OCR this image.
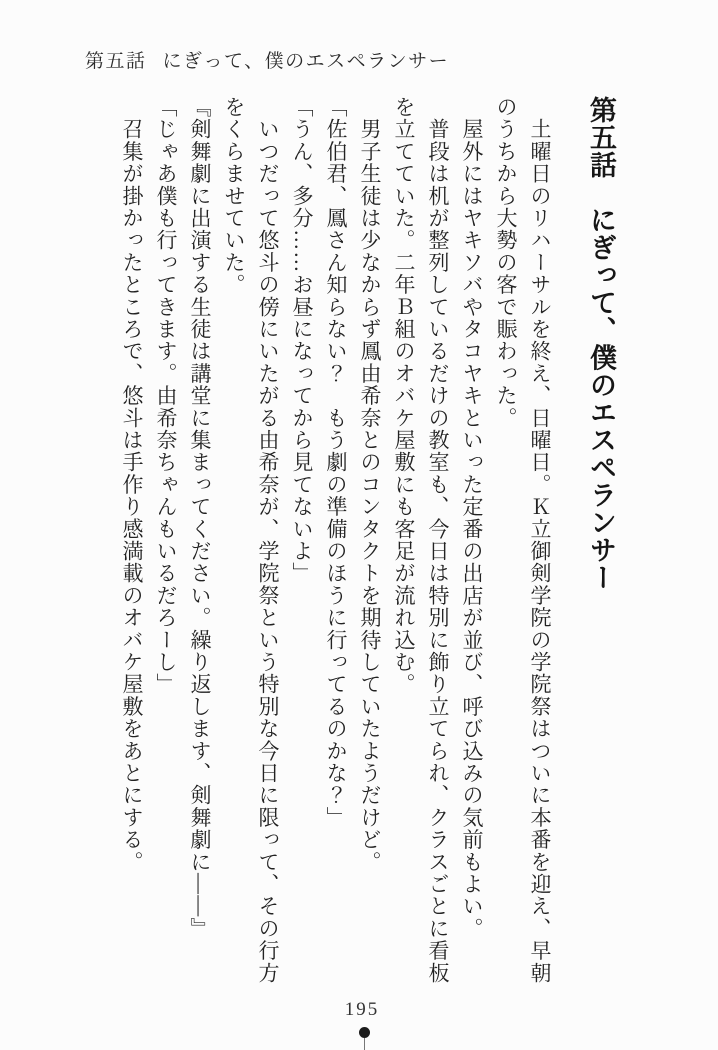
第五話 にぎって、僕のエスペランサー
第五話　にぎって、僕のエスペランサー
　土曜日のリハーサルを終え、日曜日。Ｋ立御剣学院の学院祭はついに本番を迎え、早朝
のうちから大勢の客で賑わった。
　屋外にはヤキソバやタコヤキといった定番の出店が並び、呼び込みの気前もよい。
　普段は机が整列しているだけの教室も、今日は特別に飾り立てられ、クラスごとに看板
を立てていた。二年Ｂ組のオバケ屋敷にも客足が流れ込む。
　男子生徒は少なからず鳳由希奈とのコンタクトを期待していたようだけど。
「佐伯君、鳳さん知らない？　もう劇の準備のほうに行ってるのかな？」
「うん、多分……お昼になってから見てないよ」
　いつだって悠斗の傍にいたがる由希奈が、学院祭という特別な今日に限って、その行方
をくらませていた。
『剣舞劇に出演する生徒は講堂に集まってください。繰り返します、剣舞劇に――』
「じゃあ僕も行ってきます。由希奈ちゃんもいるだろーし」
　召集が掛かったところで、悠斗は手作り感満載のオバケ屋敷をあとにする。
195
